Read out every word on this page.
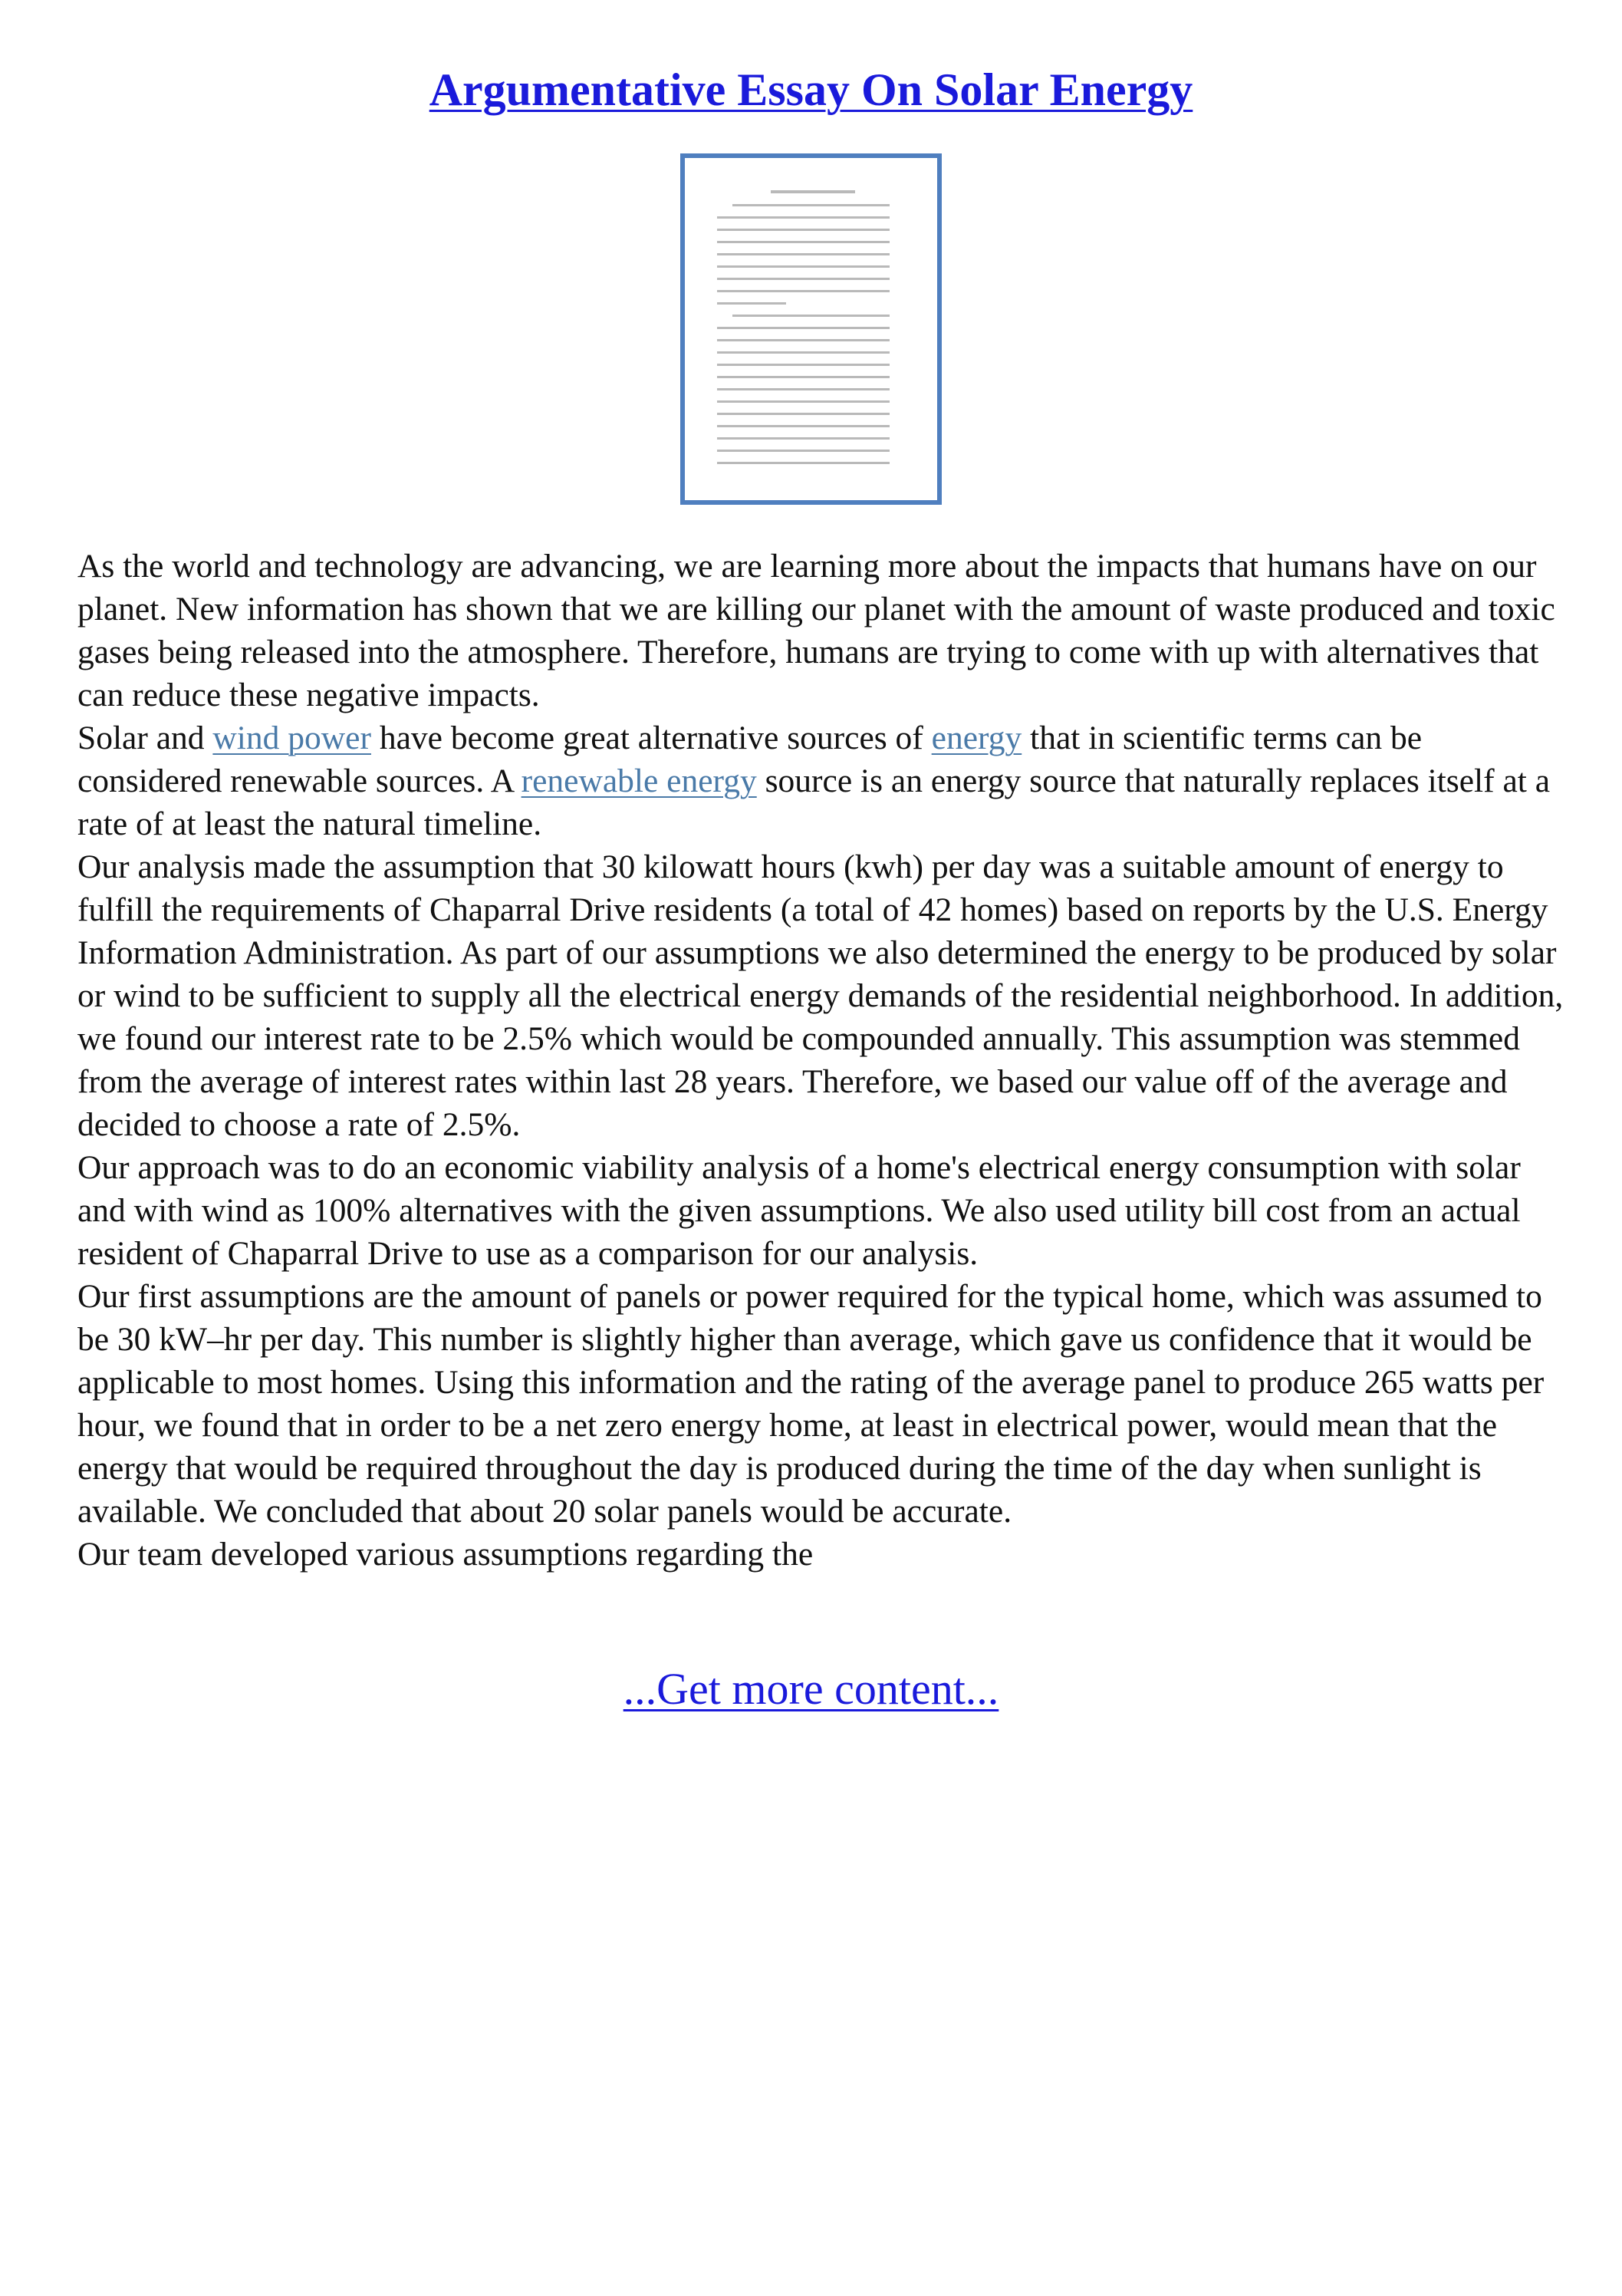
Argumentative Essay On Solar Energy

As the world and technology are advancing, we are learning more about the impacts that humans have on our planet. New information has shown that we are killing our planet with the amount of waste produced and toxic gases being released into the atmosphere. Therefore, humans are trying to come with up with alternatives that can reduce these negative impacts.

Solar and wind power have become great alternative sources of energy that in scientific terms can be considered renewable sources. A renewable energy source is an energy source that naturally replaces itself at a rate of at least the natural timeline.

Our analysis made the assumption that 30 kilowatt hours (kwh) per day was a suitable amount of energy to fulfill the requirements of Chaparral Drive residents (a total of 42 homes) based on reports by the U.S. Energy Information Administration. As part of our assumptions we also determined the energy to be produced by solar or wind to be sufficient to supply all the electrical energy demands of the residential neighborhood. In addition, we found our interest rate to be 2.5% which would be compounded annually. This assumption was stemmed from the average of interest rates within last 28 years. Therefore, we based our value off of the average and decided to choose a rate of 2.5%.

Our approach was to do an economic viability analysis of a home's electrical energy consumption with solar and with wind as 100% alternatives with the given assumptions. We also used utility bill cost from an actual resident of Chaparral Drive to use as a comparison for our analysis.

Our first assumptions are the amount of panels or power required for the typical home, which was assumed to be 30 kW–hr per day. This number is slightly higher than average, which gave us confidence that it would be applicable to most homes. Using this information and the rating of the average panel to produce 265 watts per hour, we found that in order to be a net zero energy home, at least in electrical power, would mean that the energy that would be required throughout the day is produced during the time of the day when sunlight is available. We concluded that about 20 solar panels would be accurate.

Our team developed various assumptions regarding the

...Get more content...
